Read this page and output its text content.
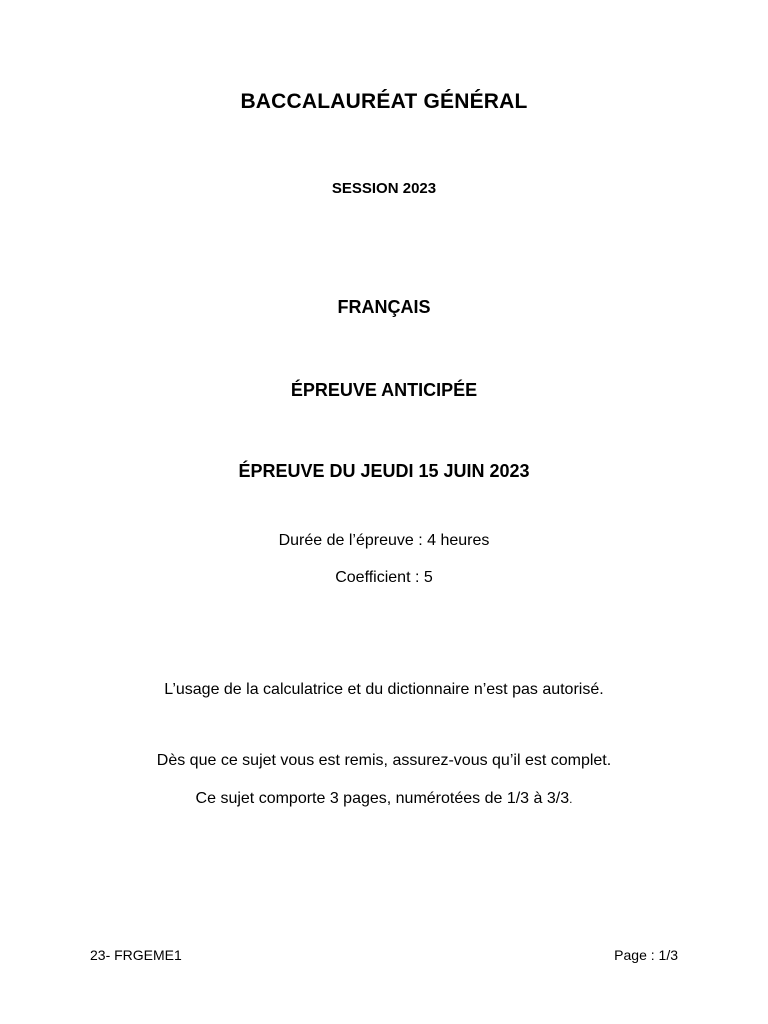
BACCALAURÉAT GÉNÉRAL
SESSION 2023
FRANÇAIS
ÉPREUVE ANTICIPÉE
ÉPREUVE DU JEUDI 15 JUIN 2023
Durée de l’épreuve : 4 heures
Coefficient : 5
L’usage de la calculatrice et du dictionnaire n’est pas autorisé.
Dès que ce sujet vous est remis, assurez-vous qu’il est complet.
Ce sujet comporte 3 pages, numérotées de 1/3 à 3/3.
23- FRGEME1	Page : 1/3
